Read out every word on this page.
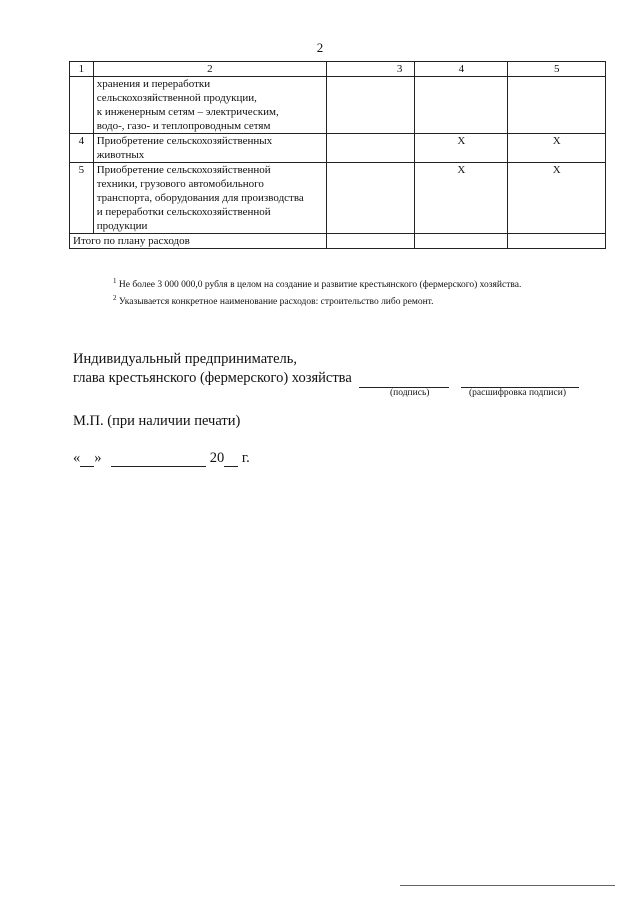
2
1	2	3	4	5

	хранения и переработки
сельскохозяйственной продукции,
к инженерным сетям – электрическим,
водо-, газо- и теплопроводным сетям			

4	Приобретение сельскохозяйственных
животных		Х	Х
5	Приобретение сельскохозяйственной
техники, грузового автомобильного
транспорта, оборудования для производства
и переработки сельскохозяйственной
продукции		Х	Х
Итого по плану расходов				
$^1$ Не более 3 000 000,0 рубля в целом на создание и развитие крестьянского (фермерского) хозяйства.
$^2$ Указывается конкретное наименование расходов: строительство либо ремонт.
Индивидуальный предприниматель,
глава крестьянского (фермерского) хозяйства
(подпись)	(расшифровка подписи)
М.П. (при наличии печати)
« »	20 г.
